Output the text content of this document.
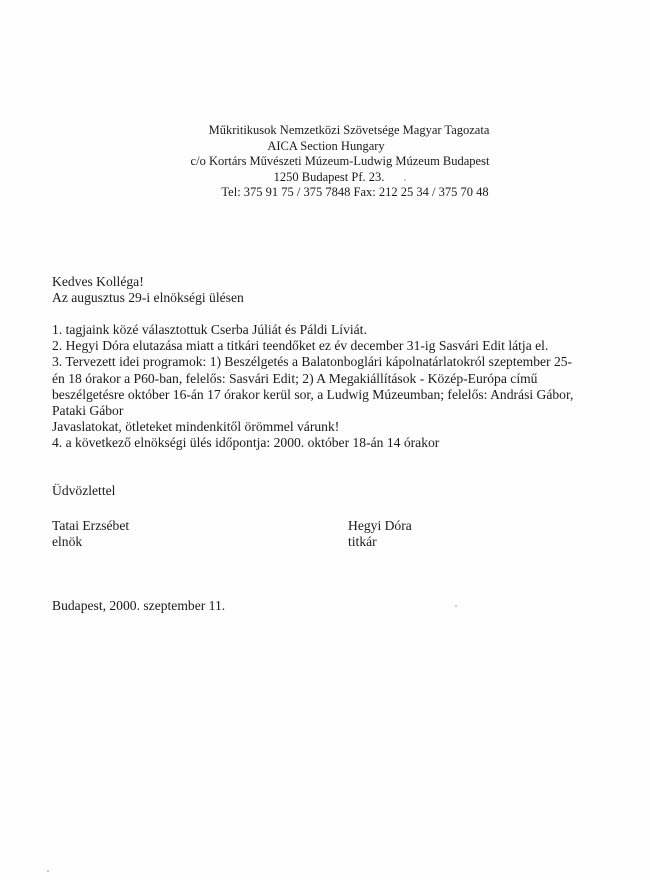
Műkritikusok Nemzetközi Szövetsége Magyar Tagozata
AICA Section Hungary
c/o Kortárs Művészeti Múzeum-Ludwig Múzeum Budapest
1250 Budapest Pf. 23.
Tel: 375 91 75 / 375 7848 Fax: 212 25 34 / 375 70 48
Kedves Kolléga!
Az augusztus 29-i elnökségi ülésen
1. tagjaink közé választottuk Cserba Júliát és Páldi Líviát.
2. Hegyi Dóra elutazása miatt a titkári teendőket ez év december 31-ig Sasvári Edit látja el.
3. Tervezett idei programok: 1) Beszélgetés a Balatonboglári kápolnatárlatokról szeptember 25-
én 18 órakor a P60-ban, felelős: Sasvári Edit; 2) A Megakiállítások - Közép-Európa című
beszélgetésre október 16-án 17 órakor kerül sor, a Ludwig Múzeumban; felelős: Andrási Gábor,
Pataki Gábor
Javaslatokat, ötleteket mindenkitől örömmel várunk!
4. a következő elnökségi ülés időpontja: 2000. október 18-án 14 órakor
Üdvözlettel
Tatai Erzsébet
elnök
Hegyi Dóra
titkár
Budapest, 2000. szeptember 11.
